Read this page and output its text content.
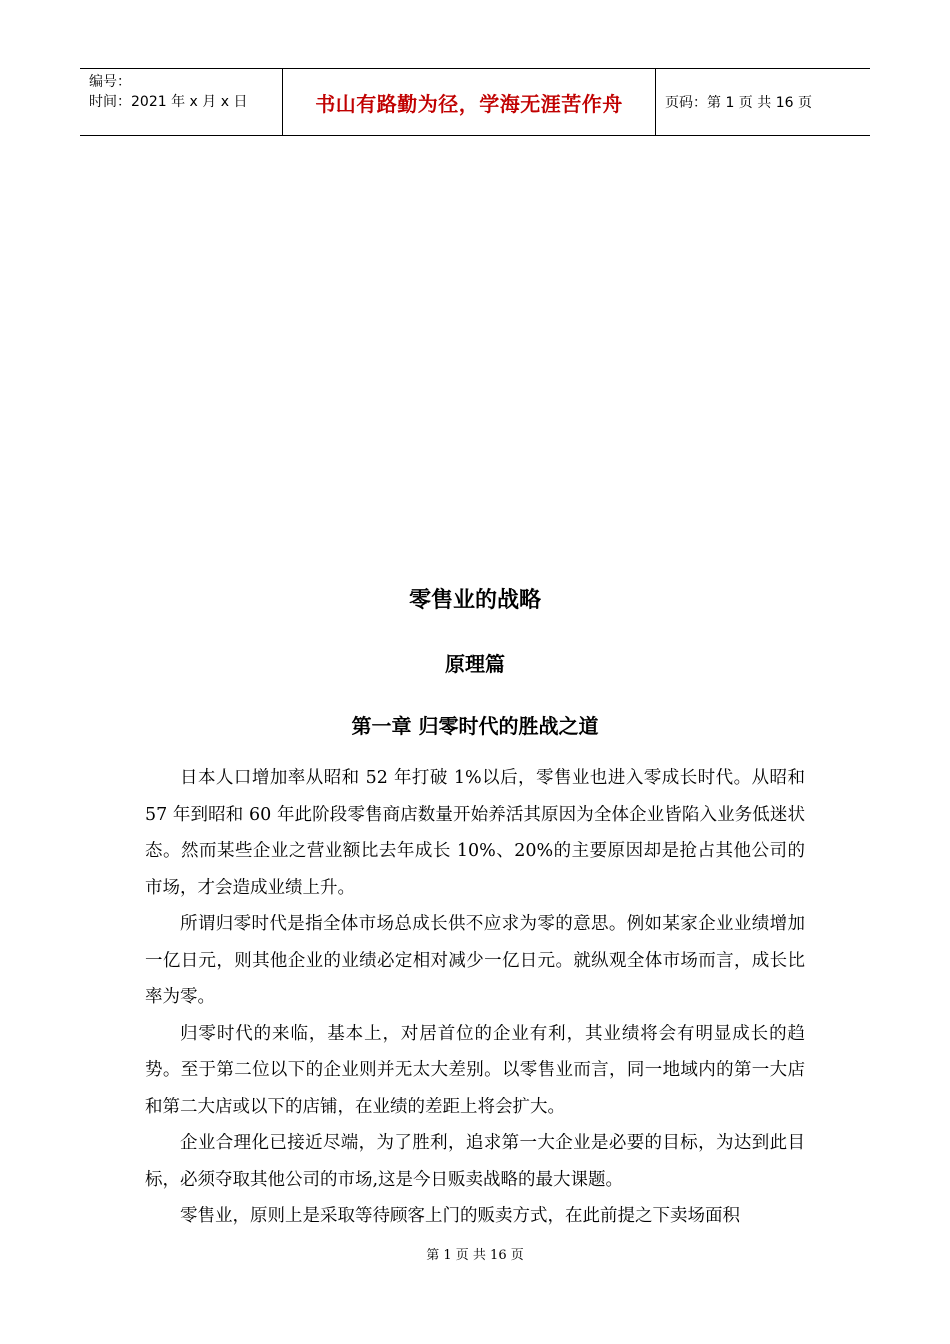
编号：
时间：2021 年 x 月 x 日	书山有路勤为径，学海无涯苦作舟	页码：第 1 页 共 16 页
零售业的战略
原理篇
第一章 归零时代的胜战之道

日本人口增加率从昭和 52 年打破 1%以后，零售业也进入零成长时代。从昭和 57 年到昭和 60 年此阶段零售商店数量开始养活其原因为全体企业皆陷入业务低迷状态。然而某些企业之营业额比去年成长 10%、20%的主要原因却是抢占其他公司的市场，才会造成业绩上升。

所谓归零时代是指全体市场总成长供不应求为零的意思。例如某家企业业绩增加一亿日元，则其他企业的业绩必定相对减少一亿日元。就纵观全体市场而言，成长比率为零。

归零时代的来临，基本上，对居首位的企业有利，其业绩将会有明显成长的趋势。至于第二位以下的企业则并无太大差别。以零售业而言，同一地域内的第一大店和第二大店或以下的店铺，在业绩的差距上将会扩大。

企业合理化已接近尽端，为了胜利，追求第一大企业是必要的目标，为达到此目标，必须夺取其他公司的市场,这是今日贩卖战略的最大课题。

零售业，原则上是采取等待顾客上门的贩卖方式，在此前提之下卖场面积

第 1 页 共 16 页
